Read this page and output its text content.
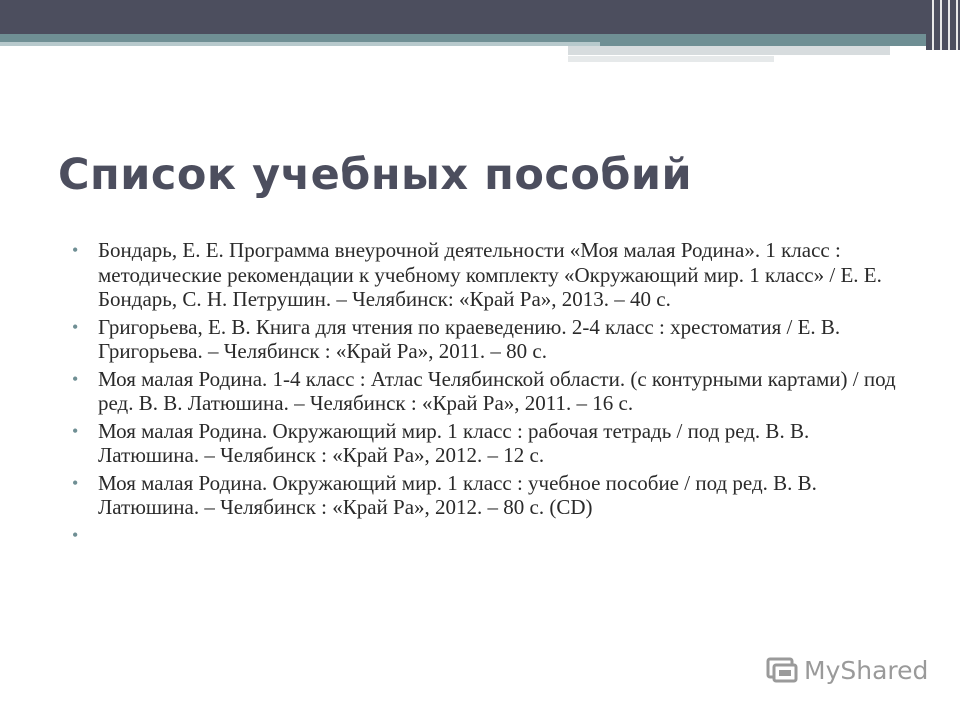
Список учебных пособий
• Бондарь, Е. Е. Программа внеурочной деятельности «Моя малая Родина». 1 класс : методические рекомендации к учебному комплекту «Окружающий мир. 1 класс» / Е. Е. Бондарь, С. Н. Петрушин. – Челябинск: «Край Ра», 2013. – 40 с.
• Григорьева, Е. В. Книга для чтения по краеведению. 2-4 класс : хрестоматия / Е. В. Григорьева. – Челябинск : «Край Ра», 2011. – 80 с.
• Моя малая Родина. 1-4 класс : Атлас Челябинской области. (с контурными картами) / под ред. В. В. Латюшина. – Челябинск : «Край Ра», 2011. – 16 с.
• Моя малая Родина. Окружающий мир. 1 класс : рабочая тетрадь / под ред. В. В. Латюшина. – Челябинск : «Край Ра», 2012. – 12 с.
• Моя малая Родина. Окружающий мир. 1 класс : учебное пособие / под ред. В. В. Латюшина. – Челябинск : «Край Ра», 2012. – 80 с. (CD)
•
MyShared
